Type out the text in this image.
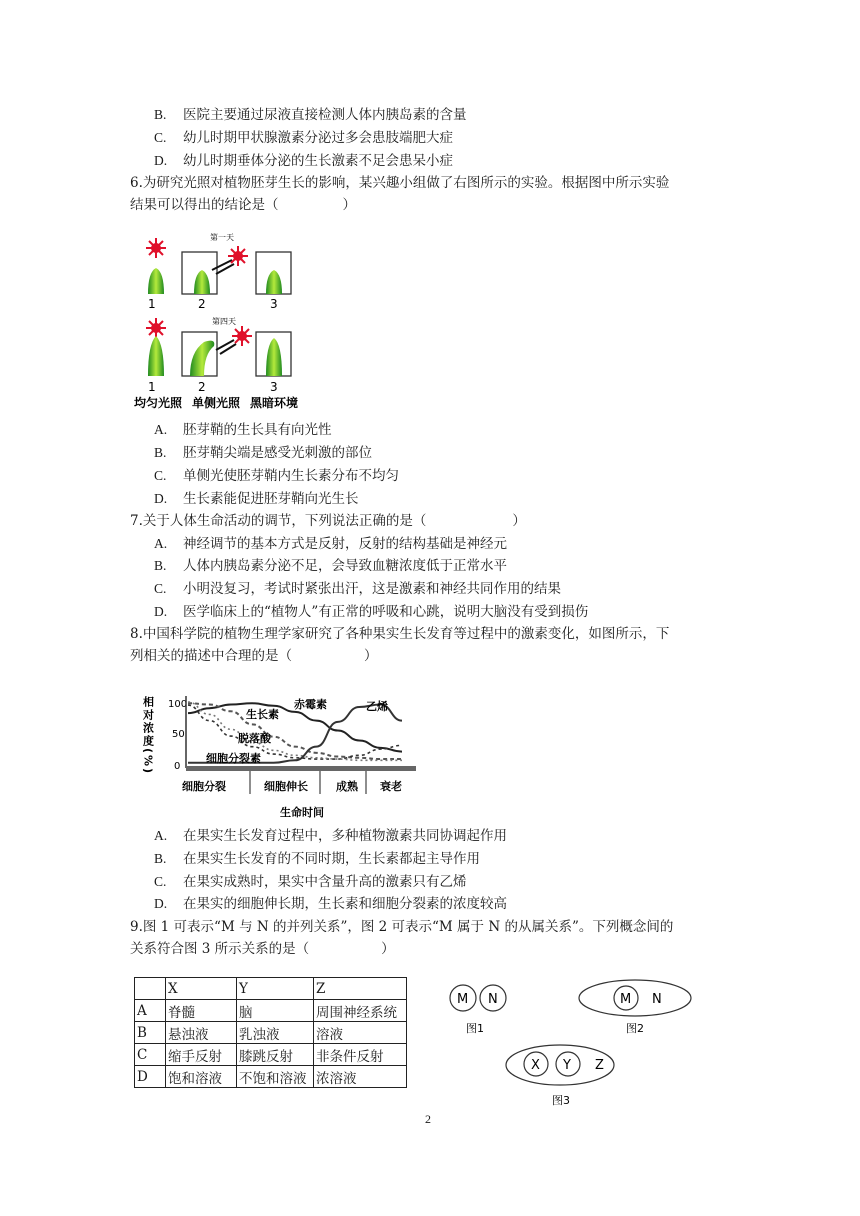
B. 医院主要通过尿液直接检测人体内胰岛素的含量
C. 幼儿时期甲状腺激素分泌过多会患肢端肥大症
D. 幼儿时期垂体分泌的生长激素不足会患呆小症
6.为研究光照对植物胚芽生长的影响，某兴趣小组做了右图所示的实验。根据图中所示实验
结果可以得出的结论是（	）
第一天
1	2	3
第四天
1	2	3
均匀光照 单侧光照 黑暗环境
A. 胚芽鞘的生长具有向光性
B. 胚芽鞘尖端是感受光刺激的部位
C. 单侧光使胚芽鞘内生长素分布不均匀
D. 生长素能促进胚芽鞘向光生长
7.关于人体生命活动的调节，下列说法正确的是（	）
A. 神经调节的基本方式是反射，反射的结构基础是神经元
B. 人体内胰岛素分泌不足，会导致血糖浓度低于正常水平
C. 小明没复习，考试时紧张出汗，这是激素和神经共同作用的结果
D. 医学临床上的“植物人”有正常的呼吸和心跳，说明大脑没有受到损伤
8.中国科学院的植物生理学家研究了各种果实生长发育等过程中的激素变化，如图所示，下
列相关的描述中合理的是（	）
相对浓度(%) 100
50
0
细胞分裂	细胞伸长	成熟 衰老
生命时间
赤霉素
生长素
脱落酸
细胞分裂素
乙烯
A. 在果实生长发育过程中，多种植物激素共同协调起作用
B. 在果实生长发育的不同时期，生长素都起主导作用
C. 在果实成熟时，果实中含量升高的激素只有乙烯
D. 在果实的细胞伸长期，生长素和细胞分裂素的浓度较高
9.图 1 可表示“M 与 N 的并列关系”，图 2 可表示“M 属于 N 的从属关系”。下列概念间的
关系符合图 3 所示关系的是（	）
	X	Y	Z
A	脊髓	脑	周围神经系统
B	悬浊液	乳浊液	溶液
C	缩手反射	膝跳反射	非条件反射
D	饱和溶液	不饱和溶液	浓溶液
M N
图1
M N
图2
X Y Z
图3
2
